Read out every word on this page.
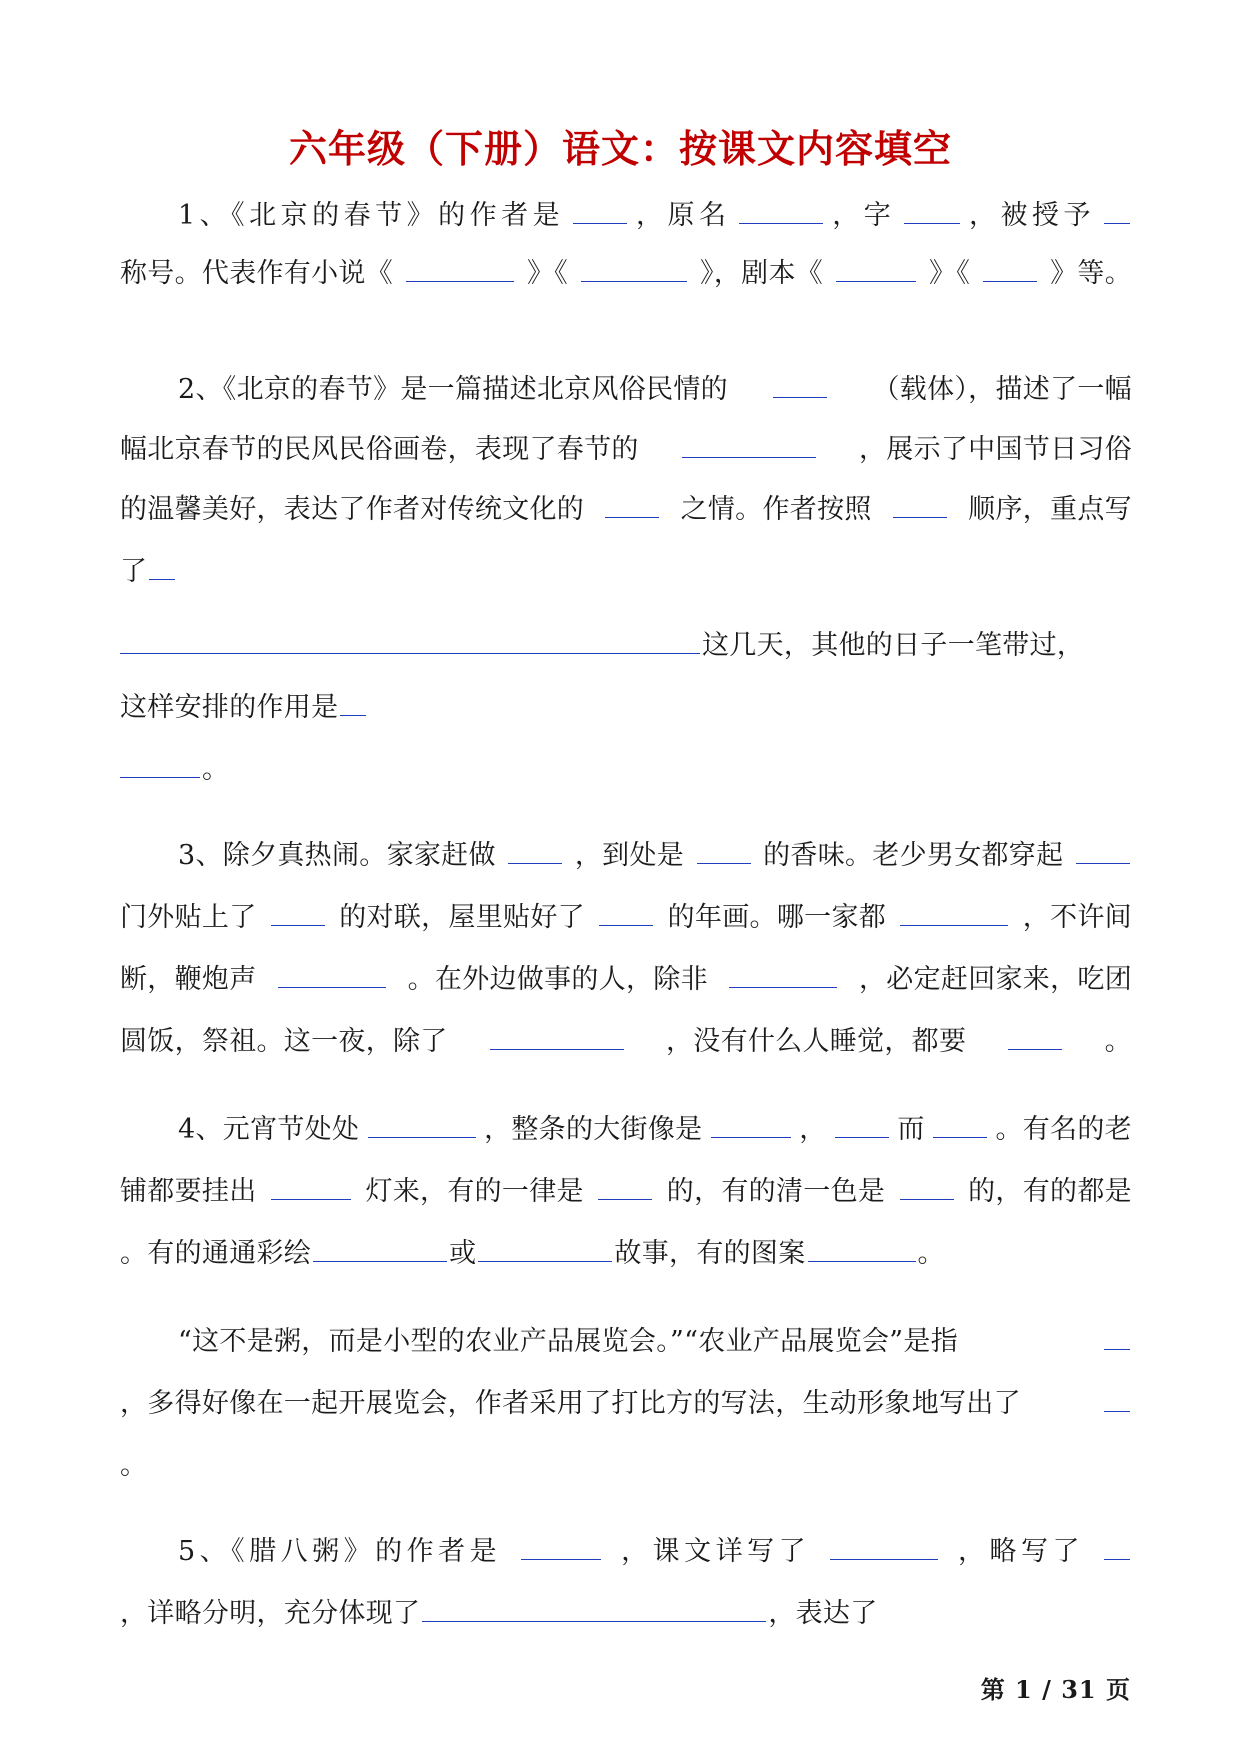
六年级（下册）语文：按课文内容填空
1、《北京的春节》的作者是	，原名	，字	，被授予
称号。代表作有小说《	》《	》，剧本《	》《	》等。
2、《北京的春节》是一篇描述北京风俗民情的	（载体），描述了一幅
幅北京春节的民风民俗画卷，表现了春节的	，展示了中国节日习俗
的温馨美好，表达了作者对传统文化的	之情。作者按照	顺序，重点写
了
这几天，其他的日子一笔带过，
这样安排的作用是
。
3、除夕真热闹。家家赶做	，到处是	的香味。老少男女都穿起
门外贴上了	的对联，屋里贴好了	的年画。哪一家都	，不许间
断，鞭炮声	。在外边做事的人，除非	，必定赶回家来，吃团
圆饭，祭祖。这一夜，除了	，没有什么人睡觉，都要	。
4、元宵节处处	，整条的大街像是	，	而	。有名的老
铺都要挂出	灯来，有的一律是	的，有的清一色是	的，有的都是
。有的通通彩绘	或	故事，有的图案	。
“这不是粥，而是小型的农业产品展览会。”“农业产品展览会”是指
，多得好像在一起开展览会，作者采用了打比方的写法，生动形象地写出了
。
5、《腊八粥》的作者是	，课文详写了	，略写了
，详略分明，充分体现了	，表达了
第 1 / 31 页
